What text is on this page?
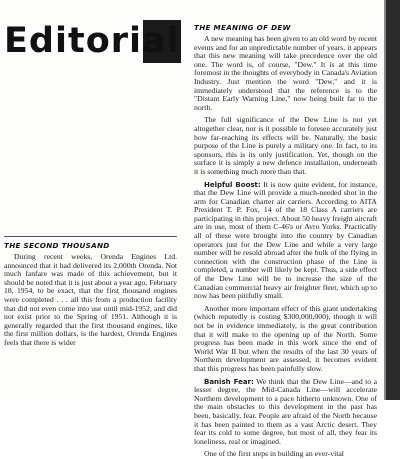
Editorial
THE SECOND THOUSAND

During recent weeks, Orenda Engines Ltd. announced that it had delivered its 2,000th Orenda. Not much fanfare was made of this achievement, but it should be noted that it is just about a year ago, February 18, 1954, to be exact, that the first thousand engines were completed . . . all this from a production facility that did not even come into use until mid-1952, and did not exist prior to the Spring of 1951. Although it is generally regarded that the first thousand engines, like the first million dollars, is the hardest, Orenda Engines feels that there is wider

THE MEANING OF DEW

A new meaning has been given to an old word by recent events and for an unpredictable number of years, it appears that this new meaning will take precedence over the old one. The word is, of course, "Dew." It is at this time foremost in the thoughts of everybody in Canada's Aviation Industry. Just mention the word "Dew," and it is immediately understood that the reference is to the "Distant Early Warning Line," now being built far to the north.

The full significance of the Dew Line is not yet altogether clear, nor is it possible to foresee accurately just how far-reaching its effects will be. Naturally, the basic purpose of the Line is purely a military one. In fact, to its sponsors, this is its only justification. Yet, though on the surface it is simply a new defence installation, underneath it is something much more than that.

Helpful Boost: It is now quite evident, for instance, that the Dew Line will provide a much-needed shot in the arm for Canadian charter air carriers. According to AITA President T. P. Fox, 14 of the 18 Class A carriers are participating in this project. About 50 heavy freight aircraft are in use, most of them C-46's or Avro Yorks. Practically all of these were brought into the country by Canadian operators just for the Dew Line and while a very large number will be resold abroad after the bulk of the flying in connection with the construction phase of the Line is completed, a number will likely be kept. Thus, a side effect of the Dew Line will be to increase the size of the Canadian commercial heavy air freighter fleet, which up to now has been pitifully small.

Another more important effect of this giant undertaking (which reputedly is costing $300,000,000), though it will not be in evidence immediately, is the great contribution that it will make to the opening up of the North. Some progress has been made in this work since the end of World War II but when the results of the last 30 years of Northern development are assessed, it becomes evident that this progress has been painfully slow.

Banish Fear: We think that the Dew Line—and to a lesser degree, the Mid-Canada Line—will accelerate Northern development to a pace hitherto unknown. One of the main obstacles to this development in the past has been, basically, fear. People are afraid of the North because it has been painted to them as a vast Arctic desert. They fear its cold to some degree, but most of all, they fear its loneliness, real or imagined.

One of the first steps in building an ever-vital
